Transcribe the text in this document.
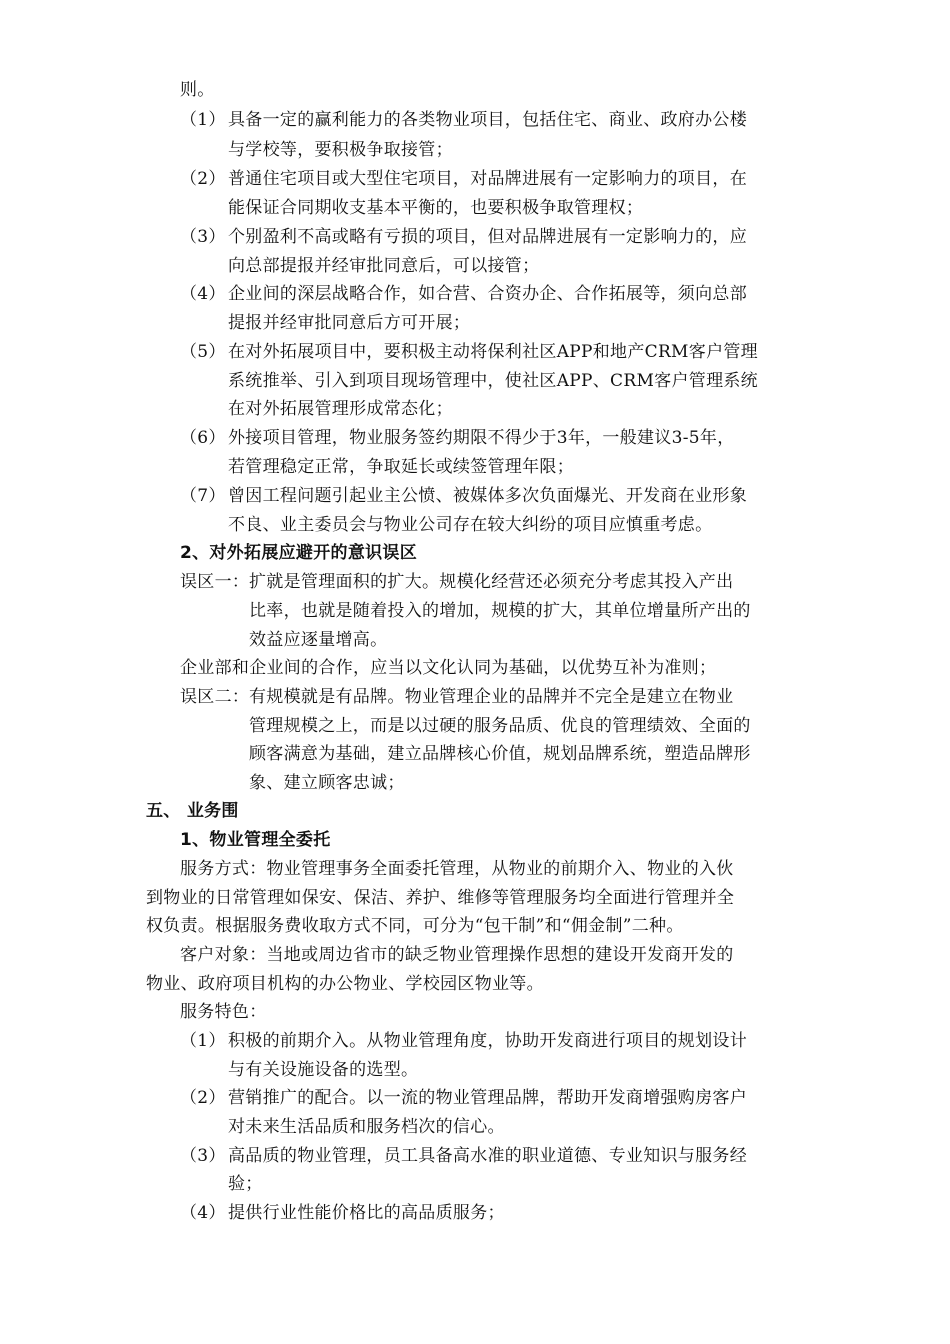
则。
（1） 具备一定的赢利能力的各类物业项目，包括住宅、商业、政府办公楼
与学校等，要积极争取接管；
（2） 普通住宅项目或大型住宅项目，对品牌进展有一定影响力的项目，在
能保证合同期收支基本平衡的，也要积极争取管理权；
（3） 个别盈利不高或略有亏损的项目，但对品牌进展有一定影响力的，应
向总部提报并经审批同意后，可以接管；
（4） 企业间的深层战略合作，如合营、合资办企、合作拓展等，须向总部
提报并经审批同意后方可开展；
（5） 在对外拓展项目中，要积极主动将保利社区APP和地产CRM客户管理
系统推举、引入到项目现场管理中，使社区APP、CRM客户管理系统
在对外拓展管理形成常态化；
（6） 外接项目管理，物业服务签约期限不得少于3年，一般建议3-5年，
若管理稳定正常，争取延长或续签管理年限；
（7） 曾因工程问题引起业主公愤、被媒体多次负面爆光、开发商在业形象
不良、业主委员会与物业公司存在较大纠纷的项目应慎重考虑。
2、对外拓展应避开的意识误区
误区一： 扩就是管理面积的扩大。规模化经营还必须充分考虑其投入产出
比率，也就是随着投入的增加，规模的扩大，其单位增量所产出的
效益应逐量增高。
企业部和企业间的合作，应当以文化认同为基础，以优势互补为准则；
误区二： 有规模就是有品牌。物业管理企业的品牌并不完全是建立在物业
管理规模之上，而是以过硬的服务品质、优良的管理绩效、全面的
顾客满意为基础，建立品牌核心价值，规划品牌系统，塑造品牌形
象、建立顾客忠诚；
五、 业务围
1、物业管理全委托
服务方式：物业管理事务全面委托管理，从物业的前期介入、物业的入伙
到物业的日常管理如保安、保洁、养护、维修等管理服务均全面进行管理并全
权负责。根据服务费收取方式不同，可分为“包干制”和“佣金制”二种。
客户对象：当地或周边省市的缺乏物业管理操作思想的建设开发商开发的
物业、政府项目机构的办公物业、学校园区物业等。
服务特色：
（1） 积极的前期介入。从物业管理角度，协助开发商进行项目的规划设计
与有关设施设备的选型。
（2） 营销推广的配合。以一流的物业管理品牌，帮助开发商增强购房客户
对未来生活品质和服务档次的信心。
（3） 高品质的物业管理，员工具备高水准的职业道德、专业知识与服务经
验；
（4） 提供行业性能价格比的高品质服务；
